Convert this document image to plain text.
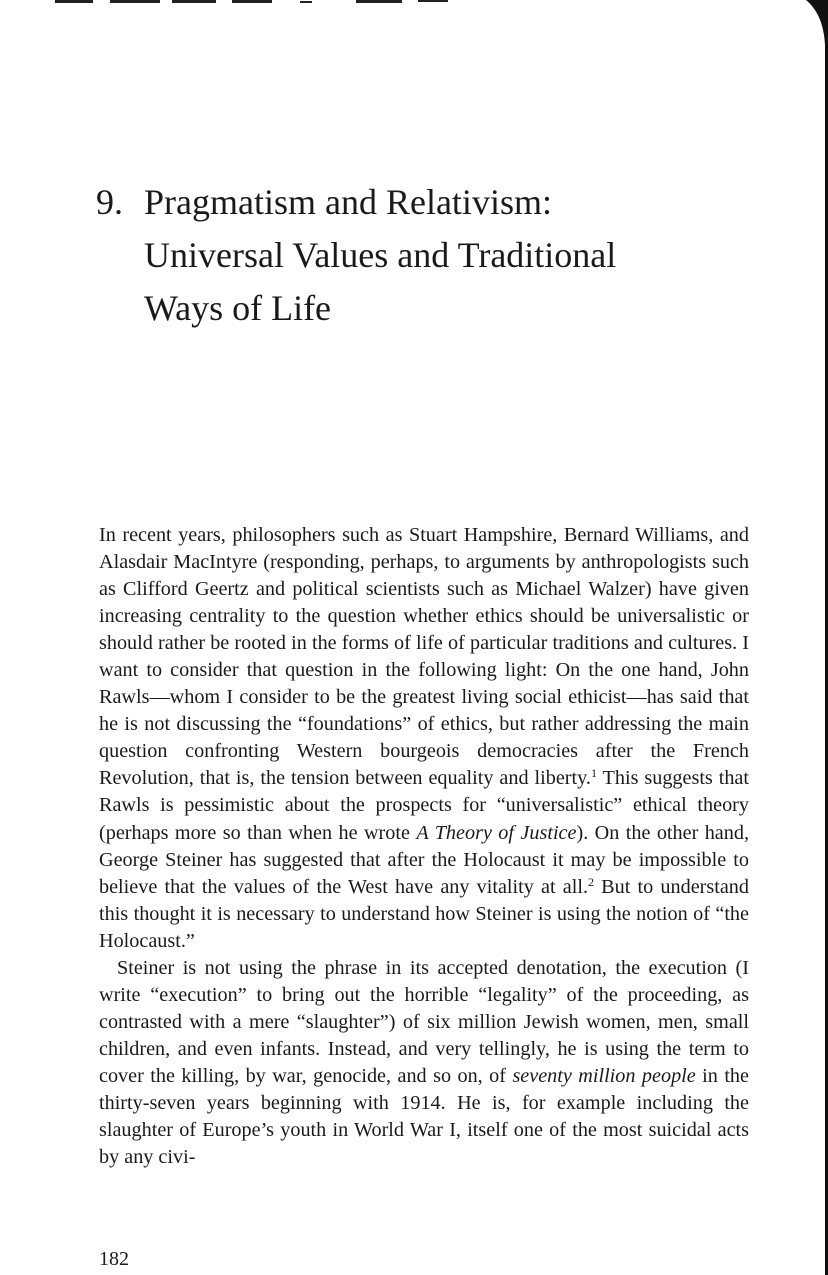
9. Pragmatism and Relativism:
Universal Values and Traditional
Ways of Life

In recent years, philosophers such as Stuart Hampshire, Bernard Williams, and Alasdair MacIntyre (responding, perhaps, to arguments by anthropologists such as Clifford Geertz and political scientists such as Michael Walzer) have given increasing centrality to the question whether ethics should be universalistic or should rather be rooted in the forms of life of particular traditions and cultures. I want to consider that question in the following light: On the one hand, John Rawls—whom I consider to be the greatest living social ethicist—has said that he is not discussing the “foundations” of ethics, but rather addressing the main question confronting Western bourgeois democracies after the French Revolution, that is, the tension between equality and liberty.$^1$ This suggests that Rawls is pessimistic about the prospects for “universalistic” ethical theory (perhaps more so than when he wrote A Theory of Justice). On the other hand, George Steiner has suggested that after the Holocaust it may be impossible to believe that the values of the West have any vitality at all.$^2$ But to understand this thought it is necessary to understand how Steiner is using the notion of “the Holocaust.”

Steiner is not using the phrase in its accepted denotation, the execution (I write “execution” to bring out the horrible “legality” of the proceeding, as contrasted with a mere “slaughter”) of six million Jewish women, men, small children, and even infants. Instead, and very tellingly, he is using the term to cover the killing, by war, genocide, and so on, of seventy million people in the thirty-seven years beginning with 1914. He is, for example including the slaughter of Europe’s youth in World War I, itself one of the most suicidal acts by any civi-

182
